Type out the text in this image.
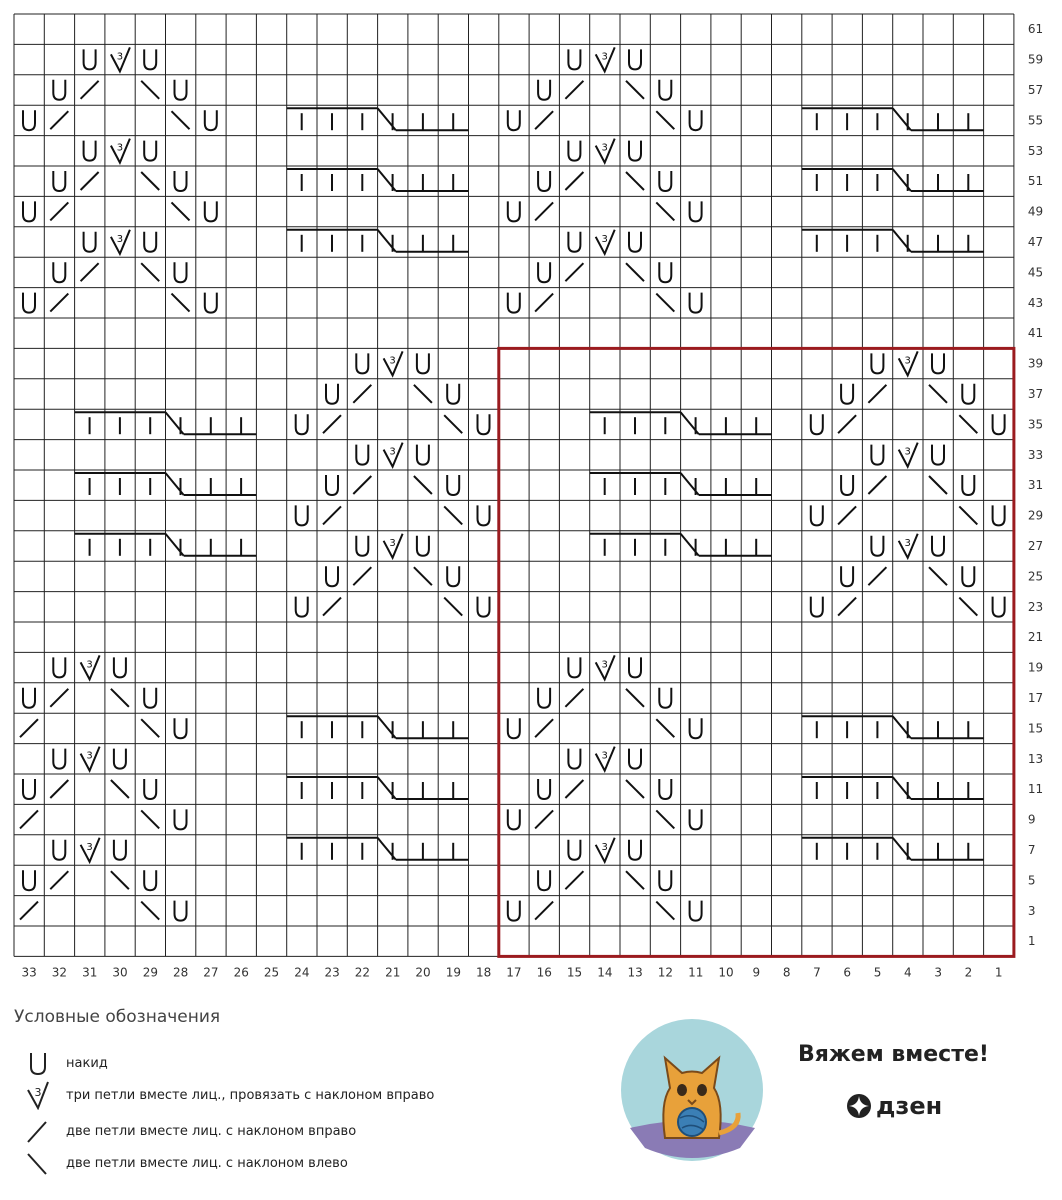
3
3
3
3
3
3
3
3
3
3
3
3
3
3
3
3
3
3
61
59
57
55
53
51
49
47
45
43
41
39
37
35
33
31
29
27
25
23
21
19
17
15
13
11
9
7
5
3
1
33 32 31 30 29 28 27 26 25 24 23 22 21 20 19 18 17 16 15 14 13 12 11 10 9 8 7 6 5 4 3 2 1
Условные обозначения
накид
3 три петли вместе лиц., провязать с наклоном вправо
две петли вместе лиц. с наклоном вправо
две петли вместе лиц. с наклоном влево
Вяжем вместе!
дзен
